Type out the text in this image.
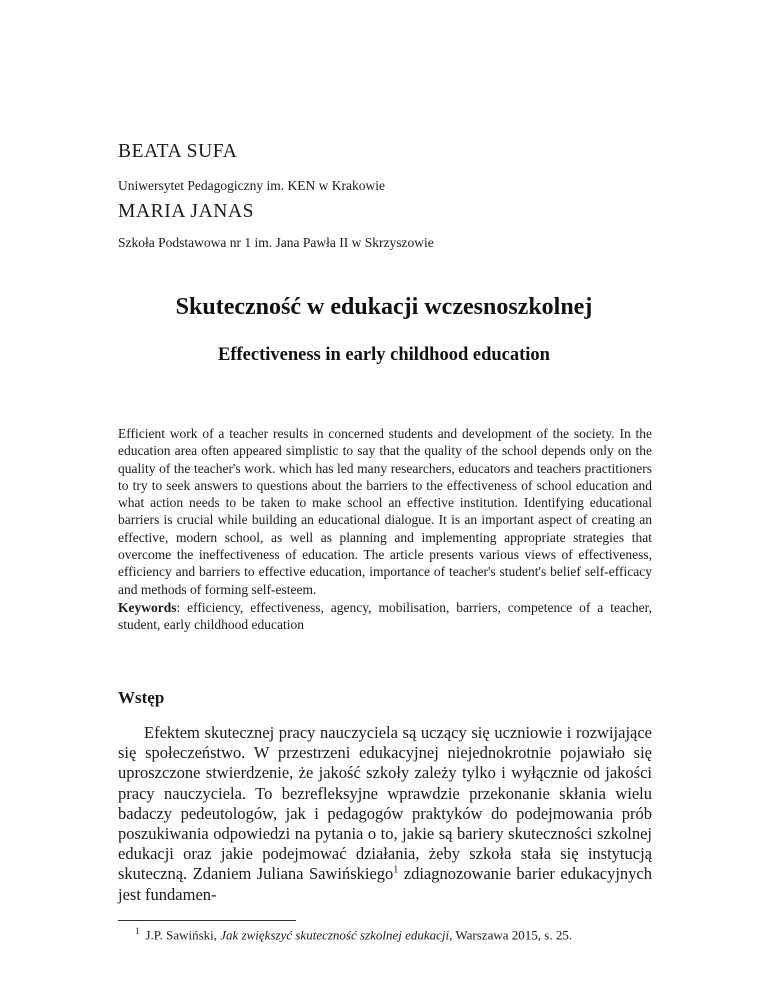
BEATA SUFA
Uniwersytet Pedagogiczny im. KEN w Krakowie
MARIA JANAS
Szkoła Podstawowa nr 1 im. Jana Pawła II w Skrzyszowie
Skuteczność w edukacji wczesnoszkolnej
Effectiveness in early childhood education

Efficient work of a teacher results in concerned students and development of the society. In the education area often appeared simplistic to say that the quality of the school depends only on the quality of the teacher's work. which has led many researchers, educators and teachers practitioners to try to seek answers to questions about the barriers to the effectiveness of school education and what action needs to be taken to make school an effective institution. Identifying educational barriers is crucial while building an educational dialogue. It is an important aspect of creating an effective, modern school, as well as planning and implementing appropriate strategies that overcome the ineffectiveness of education. The article presents various views of effectiveness, efficiency and barriers to effective education, importance of teacher's student's belief self-efficacy and methods of forming self-esteem.

Keywords: efficiency, effectiveness, agency, mobilisation, barriers, competence of a teacher, student, early childhood education

Wstęp

Efektem skutecznej pracy nauczyciela są uczący się uczniowie i rozwijające się społeczeństwo. W przestrzeni edukacyjnej niejednokrotnie pojawiało się uproszczone stwierdzenie, że jakość szkoły zależy tylko i wyłącznie od jakości pracy nauczyciela. To bezrefleksyjne wprawdzie przekonanie skłania wielu badaczy pedeutologów, jak i pedagogów praktyków do podejmowania prób poszukiwania odpowiedzi na pytania o to, jakie są bariery skuteczności szkolnej edukacji oraz jakie podejmować działania, żeby szkoła stała się instytucją skuteczną. Zdaniem Juliana Sawińskiego$^1$ zdiagnozowanie barier edukacyjnych jest fundamen-

$^1$ J.P. Sawiński, Jak zwiększyć skuteczność szkolnej edukacji, Warszawa 2015, s. 25.
